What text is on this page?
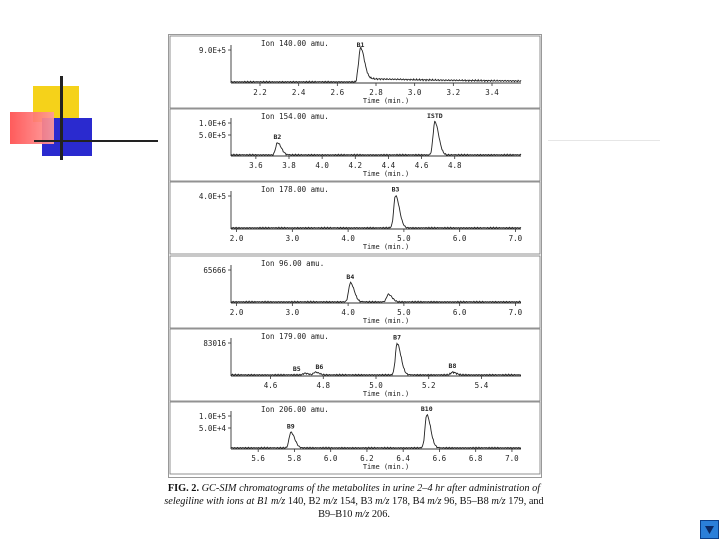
Ion 140.00 amu.
9.0E+5
2.2	2.4	2.6	2.8	3.0	3.2	3.4
Time (min.)
B1
Ion 154.00 amu.
1.0E+6
5.0E+5
3.6	3.8	4.0	4.2	4.4	4.6	4.8
Time (min.)
B2
ISTD
Ion 178.00 amu.
4.0E+5
2.0	3.0	4.0	5.0	6.0	7.0
Time (min.)
B3
Ion 96.00 amu.
65666
2.0	3.0	4.0	5.0	6.0	7.0
Time (min.)
B4
Ion 179.00 amu.
83016
4.6	4.8	5.0	5.2	5.4
Time (min.)
B5 B6
B7
B8
Ion 206.00 amu.
1.0E+5
5.0E+4
5.6	5.8	6.0	6.2	6.4	6.6	6.8	7.0
Time (min.)
B9
B10
FIG. 2. GC-SIM chromatograms of the metabolites in urine 2–4 hr after administration of selegiline with ions at B1 m/z 140, B2 m/z 154, B3 m/z 178, B4 m/z 96, B5–B8 m/z 179, and B9–B10 m/z 206.
